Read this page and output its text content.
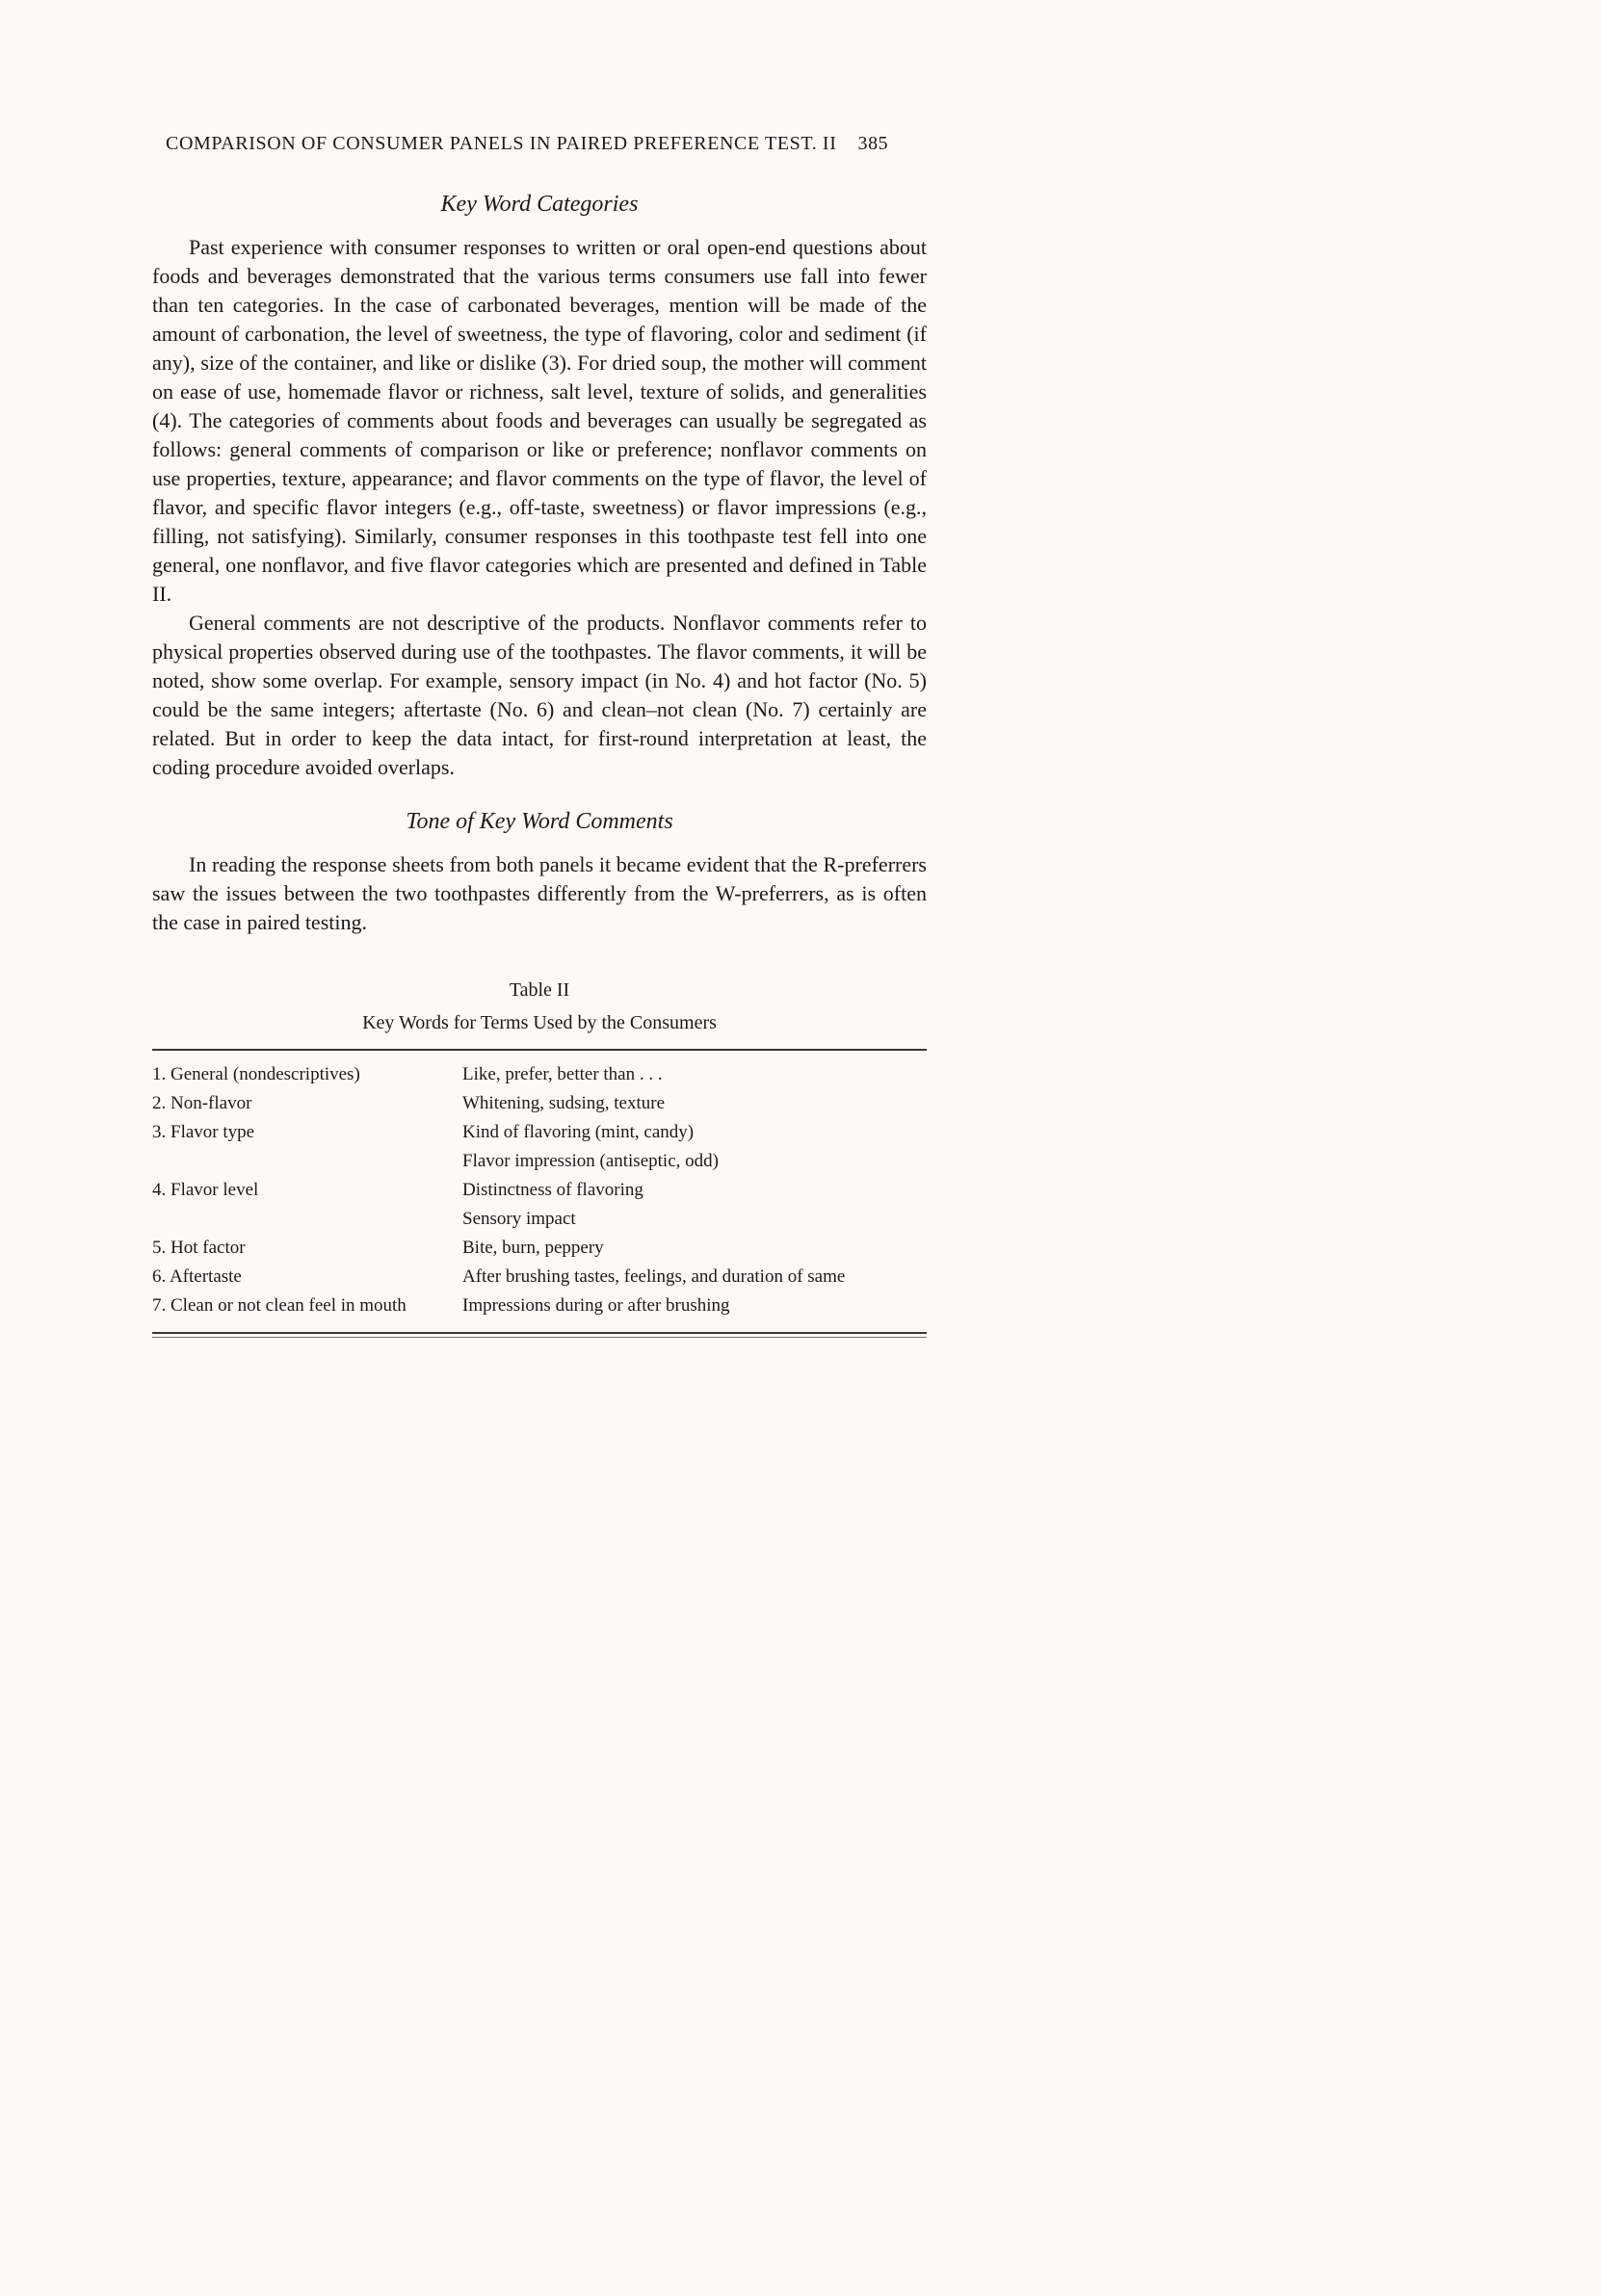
COMPARISON OF CONSUMER PANELS IN PAIRED PREFERENCE TEST. II 385
Key Word Categories

Past experience with consumer responses to written or oral open-end questions about foods and beverages demonstrated that the various terms consumers use fall into fewer than ten categories. In the case of carbonated beverages, mention will be made of the amount of carbonation, the level of sweetness, the type of flavoring, color and sediment (if any), size of the container, and like or dislike (3). For dried soup, the mother will comment on ease of use, homemade flavor or richness, salt level, texture of solids, and generalities (4). The categories of comments about foods and beverages can usually be segregated as follows: general comments of comparison or like or preference; nonflavor comments on use properties, texture, appearance; and flavor comments on the type of flavor, the level of flavor, and specific flavor integers (e.g., off-taste, sweetness) or flavor impressions (e.g., filling, not satisfying). Similarly, consumer responses in this toothpaste test fell into one general, one nonflavor, and five flavor categories which are presented and defined in Table II.

General comments are not descriptive of the products. Nonflavor comments refer to physical properties observed during use of the toothpastes. The flavor comments, it will be noted, show some overlap. For example, sensory impact (in No. 4) and hot factor (No. 5) could be the same integers; aftertaste (No. 6) and clean–not clean (No. 7) certainly are related. But in order to keep the data intact, for first-round interpretation at least, the coding procedure avoided overlaps.

Tone of Key Word Comments

In reading the response sheets from both panels it became evident that the R-preferrers saw the issues between the two toothpastes differently from the W-preferrers, as is often the case in paired testing.

Table II
Key Words for Terms Used by the Consumers
1. General (nondescriptives)	Like, prefer, better than . . .
2. Non-flavor	Whitening, sudsing, texture
3. Flavor type	Kind of flavoring (mint, candy)
Flavor impression (antiseptic, odd)
4. Flavor level	Distinctness of flavoring
Sensory impact
5. Hot factor	Bite, burn, peppery
6. Aftertaste	After brushing tastes, feelings, and duration of same
7. Clean or not clean feel in mouth	Impressions during or after brushing
